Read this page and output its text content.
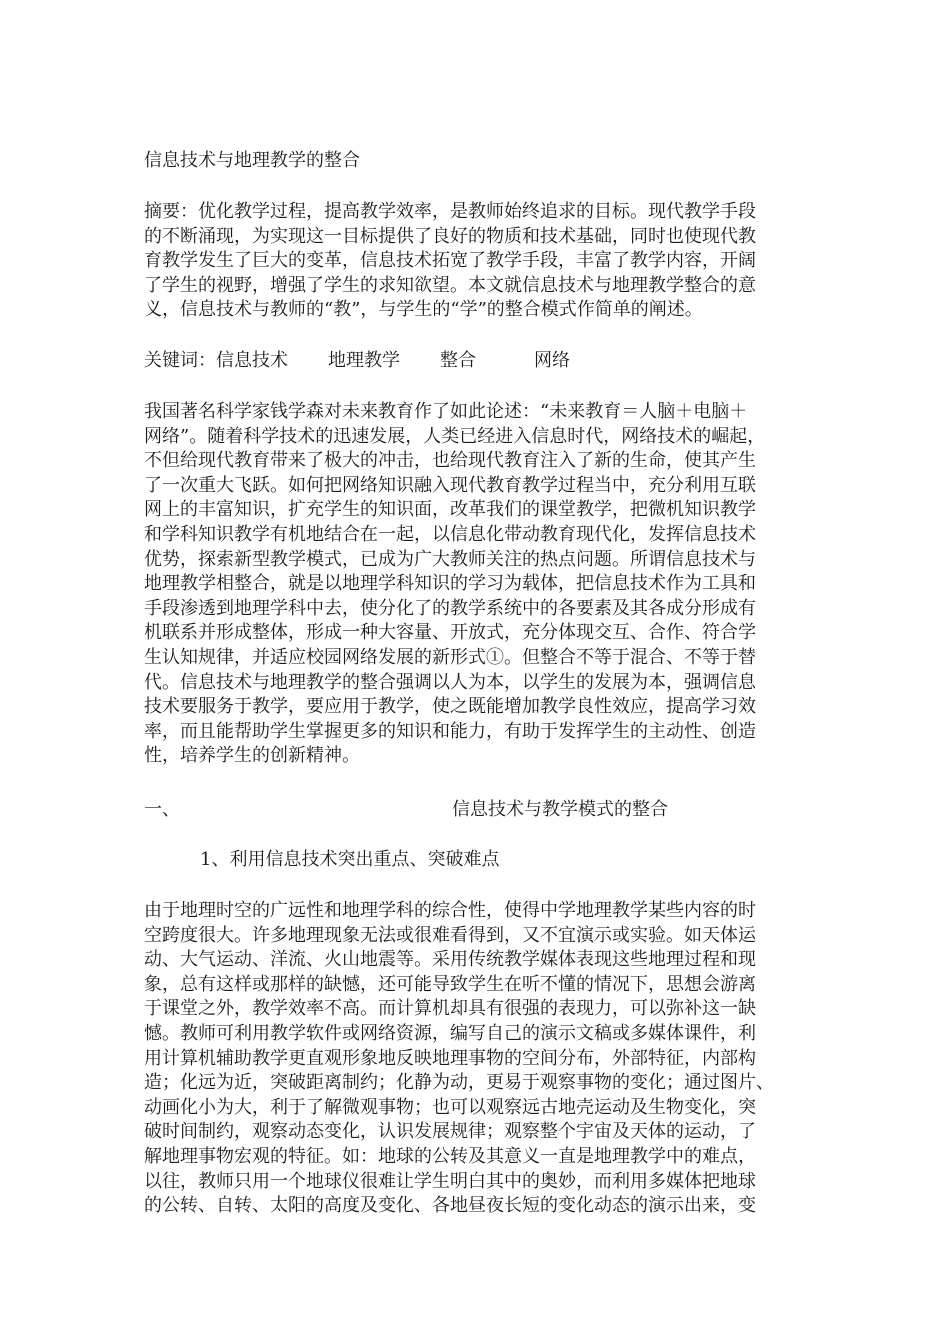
信息技术与地理教学的整合
摘要：优化教学过程，提高教学效率，是教师始终追求的目标。现代教学手段
的不断涌现，为实现这一目标提供了良好的物质和技术基础，同时也使现代教
育教学发生了巨大的变革，信息技术拓宽了教学手段，丰富了教学内容，开阔
了学生的视野，增强了学生的求知欲望。本文就信息技术与地理教学整合的意
义，信息技术与教师的“教”，与学生的“学”的整合模式作简单的阐述。
关键词：信息技术 地理教学 整合	网络
我国著名科学家钱学森对未来教育作了如此论述：“未来教育＝人脑＋电脑＋
网络”。随着科学技术的迅速发展，人类已经进入信息时代，网络技术的崛起，
不但给现代教育带来了极大的冲击，也给现代教育注入了新的生命，使其产生
了一次重大飞跃。如何把网络知识融入现代教育教学过程当中，充分利用互联
网上的丰富知识，扩充学生的知识面，改革我们的课堂教学，把微机知识教学
和学科知识教学有机地结合在一起，以信息化带动教育现代化，发挥信息技术
优势，探索新型教学模式，已成为广大教师关注的热点问题。所谓信息技术与
地理教学相整合，就是以地理学科知识的学习为载体，把信息技术作为工具和
手段渗透到地理学科中去，使分化了的教学系统中的各要素及其各成分形成有
机联系并形成整体，形成一种大容量、开放式，充分体现交互、合作、符合学
生认知规律，并适应校园网络发展的新形式①。但整合不等于混合、不等于替
代。信息技术与地理教学的整合强调以人为本，以学生的发展为本，强调信息
技术要服务于教学，要应用于教学，使之既能增加教学良性效应，提高学习效
率，而且能帮助学生掌握更多的知识和能力，有助于发挥学生的主动性、创造
性，培养学生的创新精神。
一、	信息技术与教学模式的整合
1、利用信息技术突出重点、突破难点
由于地理时空的广远性和地理学科的综合性，使得中学地理教学某些内容的时
空跨度很大。许多地理现象无法或很难看得到，又不宜演示或实验。如天体运
动、大气运动、洋流、火山地震等。采用传统教学媒体表现这些地理过程和现
象，总有这样或那样的缺憾，还可能导致学生在听不懂的情况下，思想会游离
于课堂之外，教学效率不高。而计算机却具有很强的表现力，可以弥补这一缺
憾。教师可利用教学软件或网络资源，编写自己的演示文稿或多媒体课件，利
用计算机辅助教学更直观形象地反映地理事物的空间分布，外部特征，内部构
造；化远为近，突破距离制约；化静为动，更易于观察事物的变化；通过图片、
动画化小为大，利于了解微观事物；也可以观察远古地壳运动及生物变化，突
破时间制约，观察动态变化，认识发展规律；观察整个宇宙及天体的运动，了
解地理事物宏观的特征。如：地球的公转及其意义一直是地理教学中的难点，
以往，教师只用一个地球仪很难让学生明白其中的奥妙，而利用多媒体把地球
的公转、自转、太阳的高度及变化、各地昼夜长短的变化动态的演示出来，变
